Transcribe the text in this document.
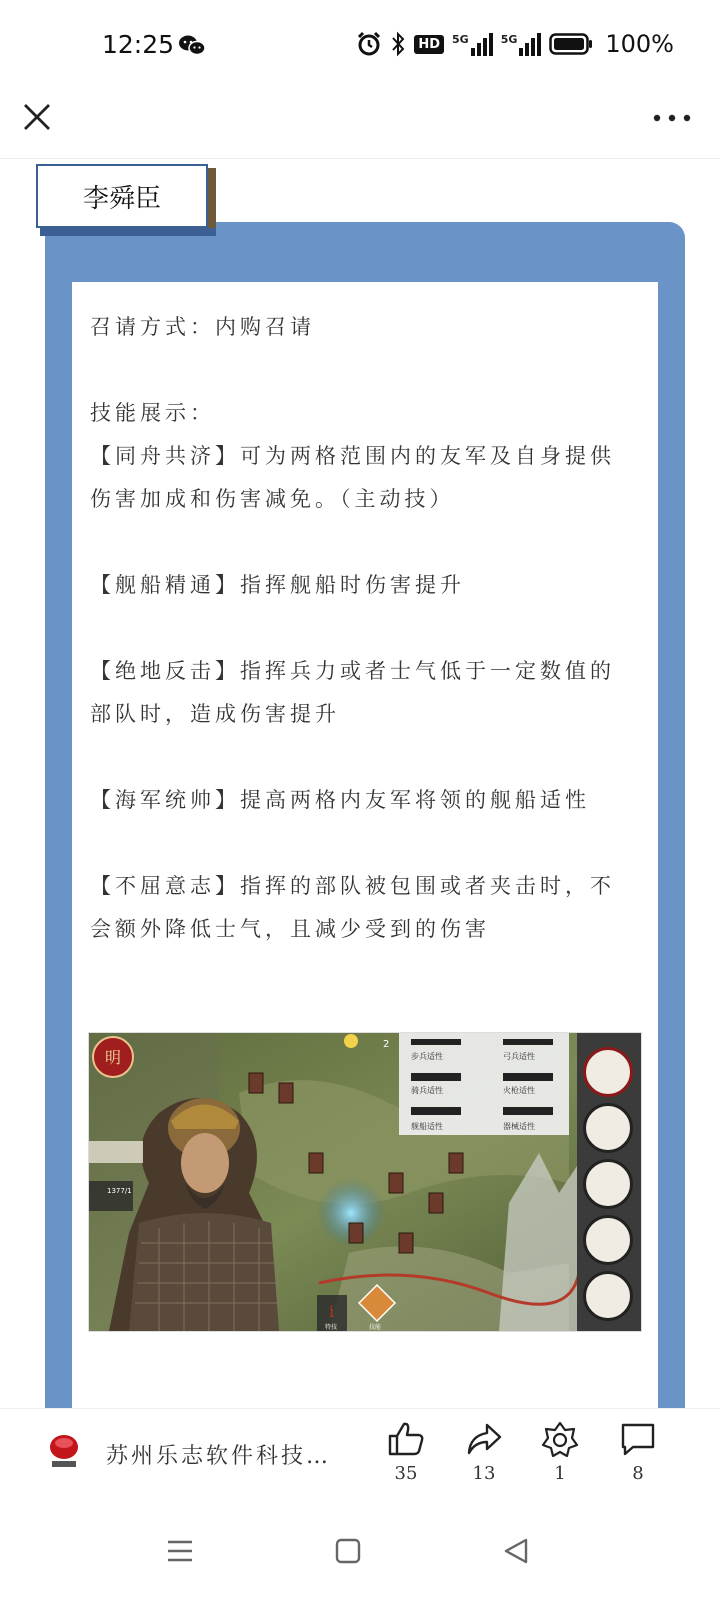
12:25	HD	5G	5G	100%
李舜臣

召请方式：内购召请

技能展示：

【同舟共济】可为两格范围内的友军及自身提供伤害加成和伤害减免。（主动技）

【舰船精通】指挥舰船时伤害提升

【绝地反击】指挥兵力或者士气低于一定数值的部队时，造成伤害提升

【海军统帅】提高两格内友军将领的舰船适性

【不屈意志】指挥的部队被包围或者夹击时，不会额外降低士气，且减少受到的伤害

明
2
1377/1
i
特技	技能
步兵适性	弓兵适性
骑兵适性	火枪适性
舰船适性	器械适性
苏州乐志软件科技…
35	13	1	8
